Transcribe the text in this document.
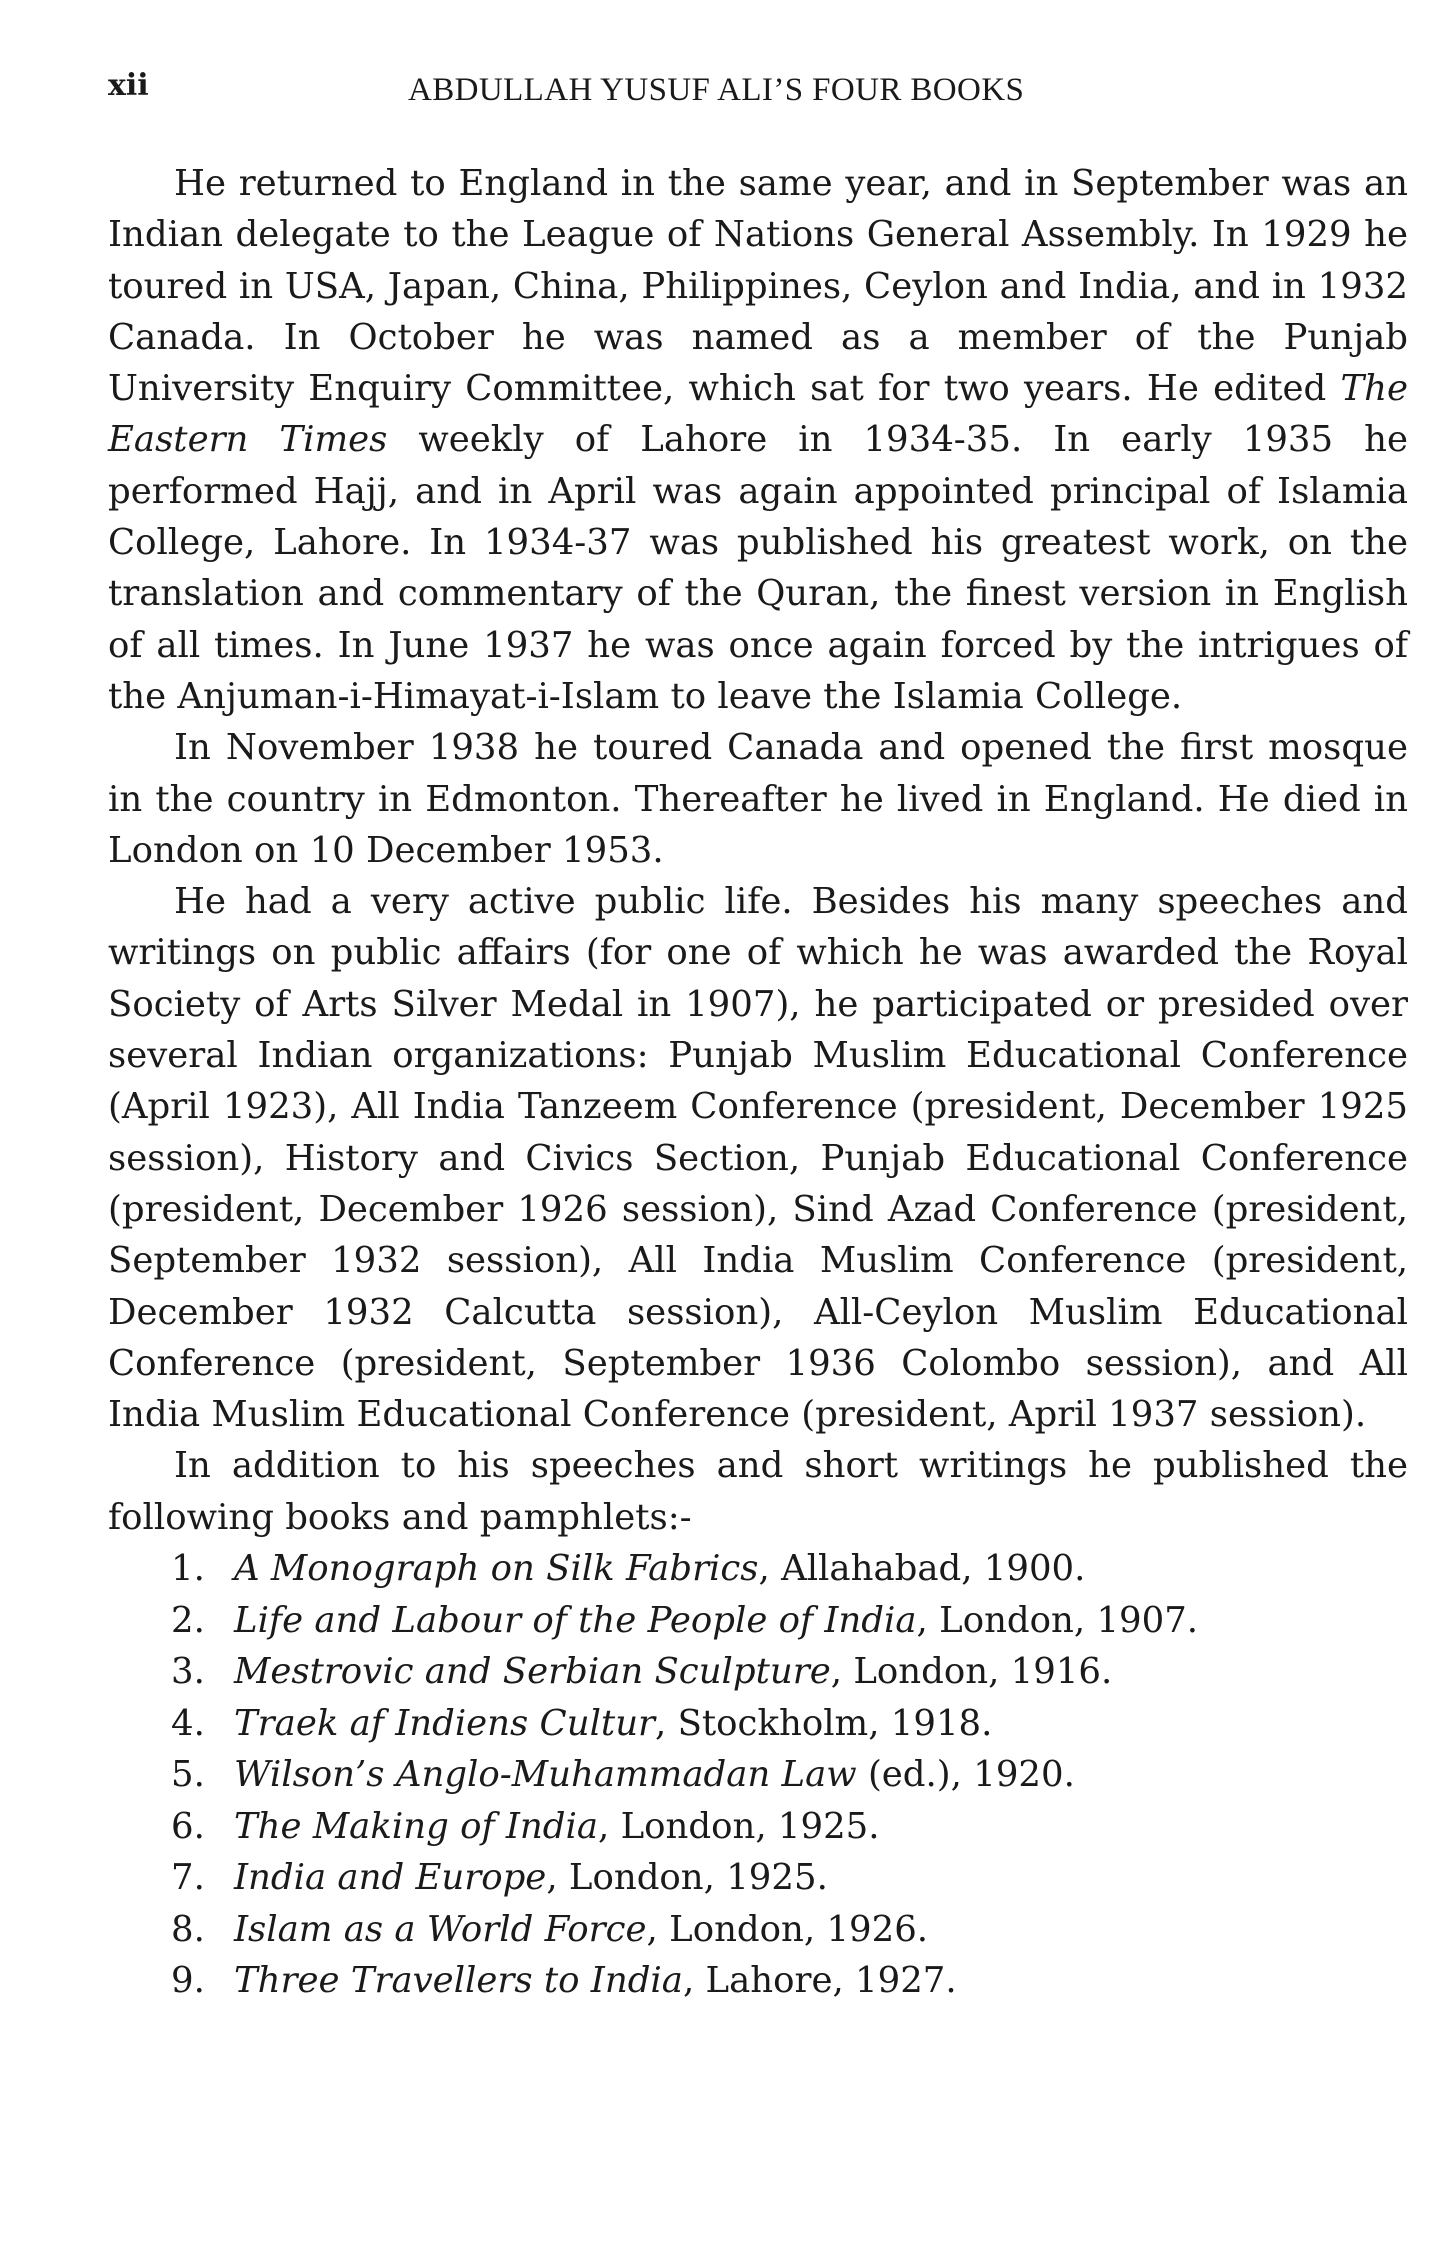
xii	ABDULLAH YUSUF ALI’S FOUR BOOKS

He returned to England in the same year, and in September was an Indian delegate to the League of Nations General Assembly. In 1929 he toured in USA, Japan, China, Philippines, Ceylon and India, and in 1932 Canada. In October he was named as a member of the Punjab University Enquiry Committee, which sat for two years. He edited The Eastern Times weekly of Lahore in 1934-35. In early 1935 he performed Hajj, and in April was again appointed principal of Islamia College, Lahore. In 1934-37 was published his greatest work, on the translation and commentary of the Quran, the finest version in English of all times. In June 1937 he was once again forced by the intrigues of the Anjuman-i-Himayat-i-Islam to leave the Islamia College.

In November 1938 he toured Canada and opened the first mosque in the country in Edmonton. Thereafter he lived in England. He died in London on 10 December 1953.

He had a very active public life. Besides his many speeches and writings on public affairs (for one of which he was awarded the Royal Society of Arts Silver Medal in 1907), he participated or presided over several Indian organizations: Punjab Muslim Educational Conference (April 1923), All India Tanzeem Conference (president, December 1925 session), History and Civics Section, Punjab Educational Conference (president, December 1926 session), Sind Azad Conference (president, September 1932 session), All India Muslim Conference (president, December 1932 Calcutta session), All-Ceylon Muslim Educational Conference (president, September 1936 Colombo session), and All India Muslim Educational Conference (president, April 1937 session).

In addition to his speeches and short writings he published the following books and pamphlets:-

1. A Monograph on Silk Fabrics, Allahabad, 1900.
2. Life and Labour of the People of India, London, 1907.
3. Mestrovic and Serbian Sculpture, London, 1916.
4. Traek af Indiens Cultur, Stockholm, 1918.
5. Wilson’s Anglo-Muhammadan Law (ed.), 1920.
6. The Making of India, London, 1925.
7. India and Europe, London, 1925.
8. Islam as a World Force, London, 1926.
9. Three Travellers to India, Lahore, 1927.
